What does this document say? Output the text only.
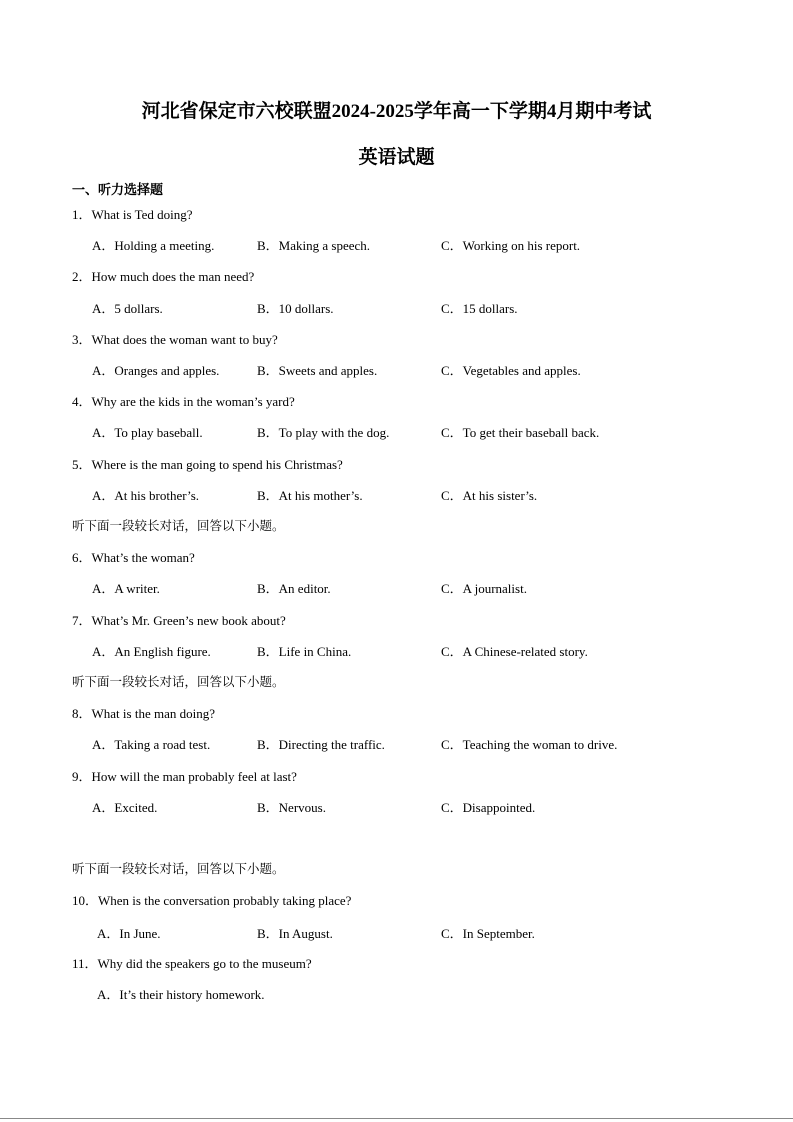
河北省保定市六校联盟2024-2025学年高一下学期4月期中考试
英语试题
一、听力选择题
1．What is Ted doing?
A．Holding a meeting.	B．Making a speech.	C．Working on his report.
2．How much does the man need?
A．5 dollars.	B．10 dollars.	C．15 dollars.
3．What does the woman want to buy?
A．Oranges and apples.	B．Sweets and apples.	C．Vegetables and apples.
4．Why are the kids in the woman’s yard?
A．To play baseball.	B．To play with the dog.	C．To get their baseball back.
5．Where is the man going to spend his Christmas?
A．At his brother’s.	B．At his mother’s.	C．At his sister’s.
听下面一段较长对话，回答以下小题。
6．What’s the woman?
A．A writer.	B．An editor.	C．A journalist.
7．What’s Mr. Green’s new book about?
A．An English figure.	B．Life in China.	C．A Chinese-related story.
听下面一段较长对话，回答以下小题。
8．What is the man doing?
A．Taking a road test.	B．Directing the traffic.	C．Teaching the woman to drive.
9．How will the man probably feel at last?
A．Excited.	B．Nervous.	C．Disappointed.
听下面一段较长对话，回答以下小题。
10．When is the conversation probably taking place?
A．In June.	B．In August.	C．In September.
11．Why did the speakers go to the museum?
A．It’s their history homework.
